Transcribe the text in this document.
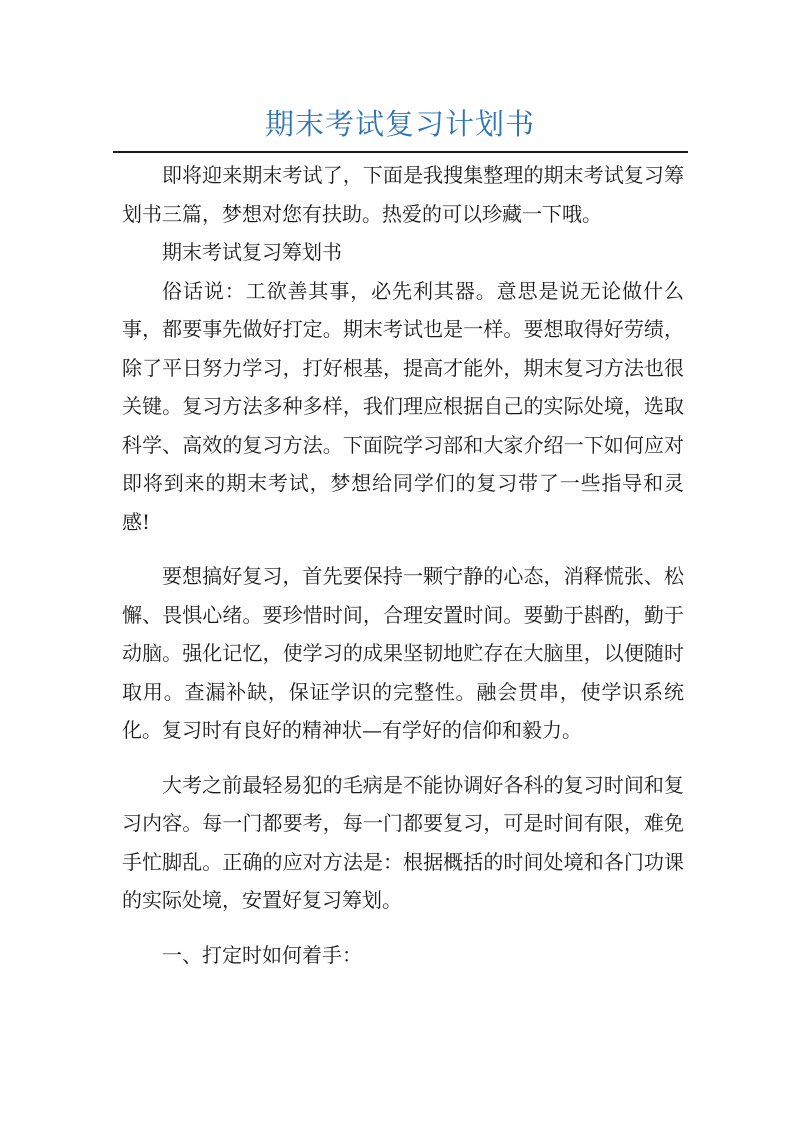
期末考试复习计划书

即将迎来期末考试了，下面是我搜集整理的期末考试复习筹划书三篇，梦想对您有扶助。热爱的可以珍藏一下哦。

期末考试复习筹划书

俗话说：工欲善其事，必先利其器。意思是说无论做什么事，都要事先做好打定。期末考试也是一样。要想取得好劳绩，除了平日努力学习，打好根基，提高才能外，期末复习方法也很关键。复习方法多种多样，我们理应根据自己的实际处境，选取科学、高效的复习方法。下面院学习部和大家介绍一下如何应对即将到来的期末考试，梦想给同学们的复习带了一些指导和灵感!

要想搞好复习，首先要保持一颗宁静的心态，消释慌张、松懈、畏惧心绪。要珍惜时间，合理安置时间。要勤于斟酌，勤于动脑。强化记忆，使学习的成果坚韧地贮存在大脑里，以便随时取用。查漏补缺，保证学识的完整性。融会贯串，使学识系统化。复习时有良好的精神状—有学好的信仰和毅力。

大考之前最轻易犯的毛病是不能协调好各科的复习时间和复习内容。每一门都要考，每一门都要复习，可是时间有限，难免手忙脚乱。正确的应对方法是：根据概括的时间处境和各门功课的实际处境，安置好复习筹划。

一、打定时如何着手：
